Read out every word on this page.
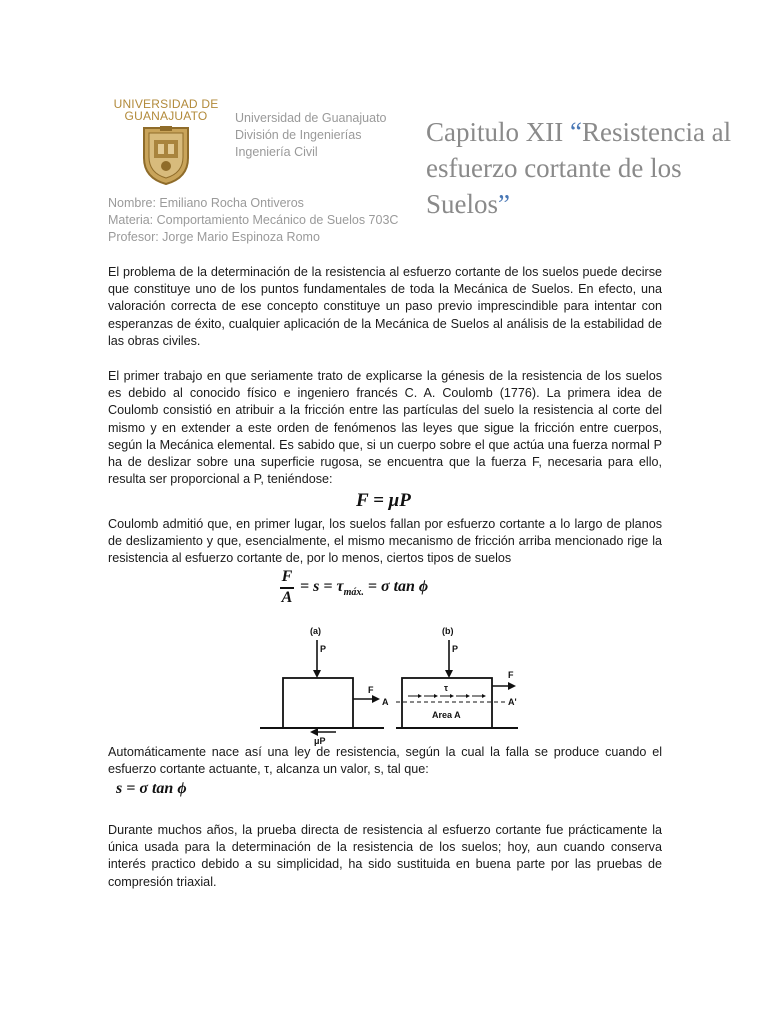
UNIVERSIDAD DE
GUANAJUATO	Universidad de Guanajuato
División de Ingenierías
Ingeniería Civil
Capitulo XII “Resistencia al esfuerzo cortante de los Suelos”
Nombre: Emiliano Rocha Ontiveros
Materia: Comportamiento Mecánico de Suelos 703C
Profesor: Jorge Mario Espinoza Romo
El problema de la determinación de la resistencia al esfuerzo cortante de los suelos puede decirse que constituye uno de los puntos fundamentales de toda la Mecánica de Suelos. En efecto, una valoración correcta de ese concepto constituye un paso previo imprescindible para intentar con esperanzas de éxito, cualquier aplicación de la Mecánica de Suelos al análisis de la estabilidad de las obras civiles.
El primer trabajo en que seriamente trato de explicarse la génesis de la resistencia de los suelos es debido al conocido físico e ingeniero francés C. A. Coulomb (1776). La primera idea de Coulomb consistió en atribuir a la fricción entre las partículas del suelo la resistencia al corte del mismo y en extender a este orden de fenómenos las leyes que sigue la fricción entre cuerpos, según la Mecánica elemental. Es sabido que, si un cuerpo sobre el que actúa una fuerza normal P ha de deslizar sobre una superficie rugosa, se encuentra que la fuerza F, necesaria para ello, resulta ser proporcional a P, teniéndose:
F = μP
Coulomb admitió que, en primer lugar, los suelos fallan por esfuerzo cortante a lo largo de planos de deslizamiento y que, esencialmente, el mismo mecanismo de fricción arriba mencionado rige la resistencia al esfuerzo cortante de, por lo menos, ciertos tipos de suelos
F
A
= $s = \tau_{máx.} = \sigma$ tan ϕ
(a)
P
F
μP
(b)
P
A	A'
τ
Area A
F
Automáticamente nace así una ley de resistencia, según la cual la falla se produce cuando el esfuerzo cortante actuante, τ, alcanza un valor, s, tal que:
s = σ tan ϕ
Durante muchos años, la prueba directa de resistencia al esfuerzo cortante fue prácticamente la única usada para la determinación de la resistencia de los suelos; hoy, aun cuando conserva interés practico debido a su simplicidad, ha sido sustituida en buena parte por las pruebas de compresión triaxial.
